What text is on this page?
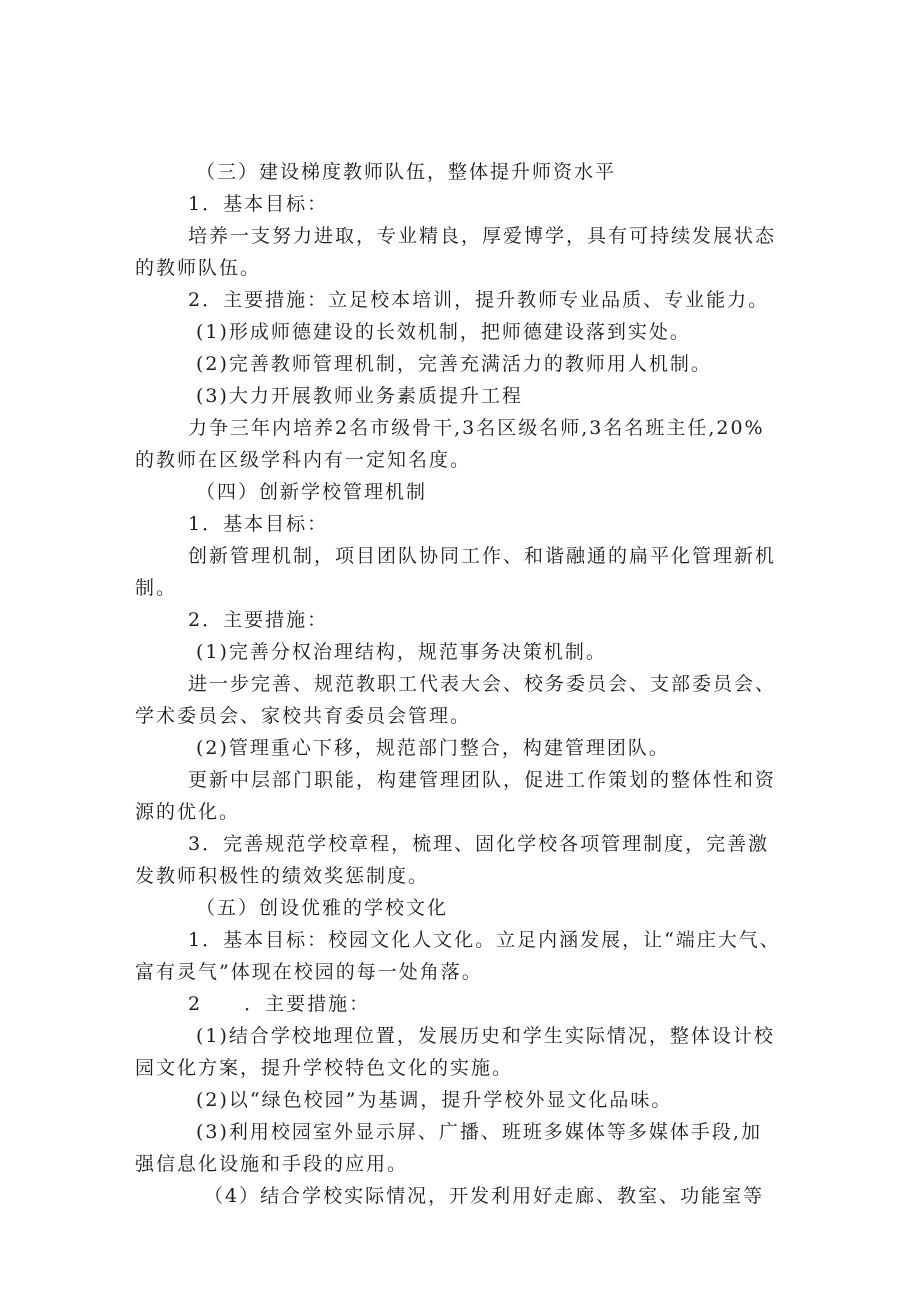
（三）建设梯度教师队伍，整体提升师资水平

1．基本目标：

培养一支努力进取，专业精良，厚爱博学，具有可持续发展状态

的教师队伍。

2．主要措施：立足校本培训，提升教师专业品质、专业能力。

(1)形成师德建设的长效机制，把师德建设落到实处。

(2)完善教师管理机制，完善充满活力的教师用人机制。

(3)大力开展教师业务素质提升工程

力争三年内培养2名市级骨干,3名区级名师,3名名班主任,20%

的教师在区级学科内有一定知名度。

（四）创新学校管理机制

1．基本目标：

创新管理机制，项目团队协同工作、和谐融通的扁平化管理新机

制。

2．主要措施：

(1)完善分权治理结构，规范事务决策机制。

进一步完善、规范教职工代表大会、校务委员会、支部委员会、

学术委员会、家校共育委员会管理。

(2)管理重心下移，规范部门整合，构建管理团队。

更新中层部门职能，构建管理团队，促进工作策划的整体性和资

源的优化。

3．完善规范学校章程，梳理、固化学校各项管理制度，完善激

发教师积极性的绩效奖惩制度。

（五）创设优雅的学校文化

1．基本目标：校园文化人文化。立足内涵发展，让“端庄大气、

富有灵气”体现在校园的每一处角落。

2　　．主要措施：

(1)结合学校地理位置，发展历史和学生实际情况，整体设计校

园文化方案，提升学校特色文化的实施。

(2)以“绿色校园”为基调，提升学校外显文化品味。

(3)利用校园室外显示屏、广播、班班多媒体等多媒体手段,加

强信息化设施和手段的应用。

（4）结合学校实际情况，开发利用好走廊、教室、功能室等
